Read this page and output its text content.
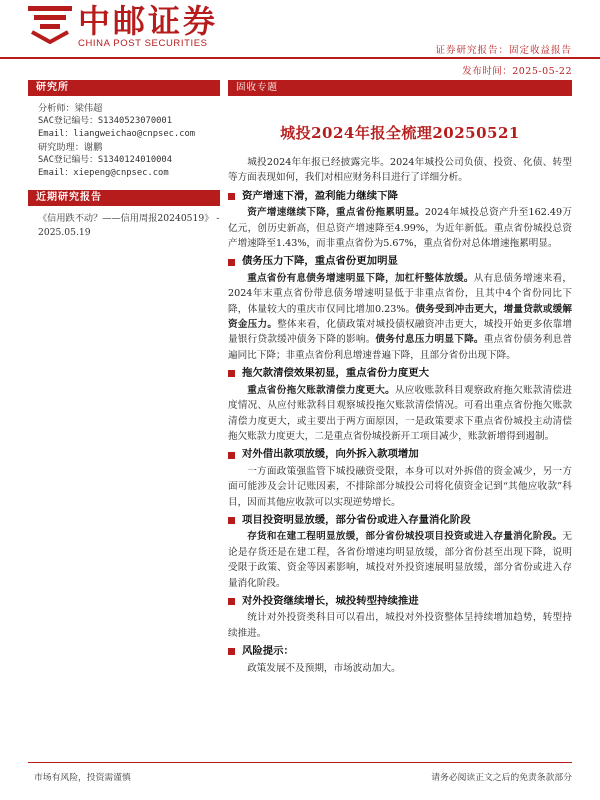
中邮证券
CHINA POST SECURITIES
证券研究报告：固定收益报告
发布时间：2025-05-22
研究所
分析师：梁伟超
SAC登记编号：S1340523070001
Email：liangweichao@cnpsec.com
研究助理：谢鹏
SAC登记编号：S1340124010004
Email：xiepeng@cnpsec.com
近期研究报告
《信用跌不动？——信用周报20240519》 - 2025.05.19
固收专题
城投2024年报全梳理20250521

城投2024年年报已经披露完毕。2024年城投公司负债、投资、化债、转型等方面表现如何，我们对相应财务科目进行了详细分析。

资产增速下滑，盈利能力继续下降

资产增速继续下降，重点省份拖累明显。2024年城投总资产升至162.49万亿元，创历史新高，但总资产增速降至4.99%，为近年新低。重点省份城投总资产增速降至1.43%，而非重点省份为5.67%，重点省份对总体增速拖累明显。

债务压力下降，重点省份更加明显

重点省份有息债务增速明显下降，加杠杆整体放缓。从有息债务增速来看，2024年末重点省份带息债务增速明显低于非重点省份，且其中4个省份同比下降，体量较大的重庆市仅同比增加0.23%。债务受到冲击更大，增量贷款或缓解资金压力。整体来看，化债政策对城投债权融资冲击更大，城投开始更多依靠增量银行贷款缓冲债务下降的影响。债务付息压力明显下降。重点省份债务利息普遍同比下降；非重点省份利息增速普遍下降，且部分省份出现下降。

拖欠款清偿效果初显，重点省份力度更大

重点省份拖欠账款清偿力度更大。从应收账款科目观察政府拖欠账款清偿进度情况、从应付账款科目观察城投拖欠账款清偿情况。可看出重点省份拖欠账款清偿力度更大，或主要出于两方面原因，一是政策要求下重点省份城投主动清偿拖欠账款力度更大，二是重点省份城投新开工项目减少，账款新增得到遏制。

对外借出款项放缓，向外拆入款项增加

一方面政策强监管下城投融资受限，本身可以对外拆借的资金减少，另一方面可能涉及会计记账因素，不排除部分城投公司将化债资金记到“其他应收款”科目，因而其他应收款可以实现逆势增长。

项目投资明显放缓，部分省份或进入存量消化阶段

存货和在建工程明显放缓，部分省份城投项目投资或进入存量消化阶段。无论是存货还是在建工程，各省份增速均明显放缓，部分省份甚至出现下降，说明受限于政策、资金等因素影响，城投对外投资速展明显放缓，部分省份或进入存量消化阶段。

对外投资继续增长，城投转型持续推进

统计对外投资类科目可以看出，城投对外投资整体呈持续增加趋势，转型持续推进。

风险提示：

政策发展不及预期，市场波动加大。

市场有风险，投资需谨慎	请务必阅读正文之后的免责条款部分
